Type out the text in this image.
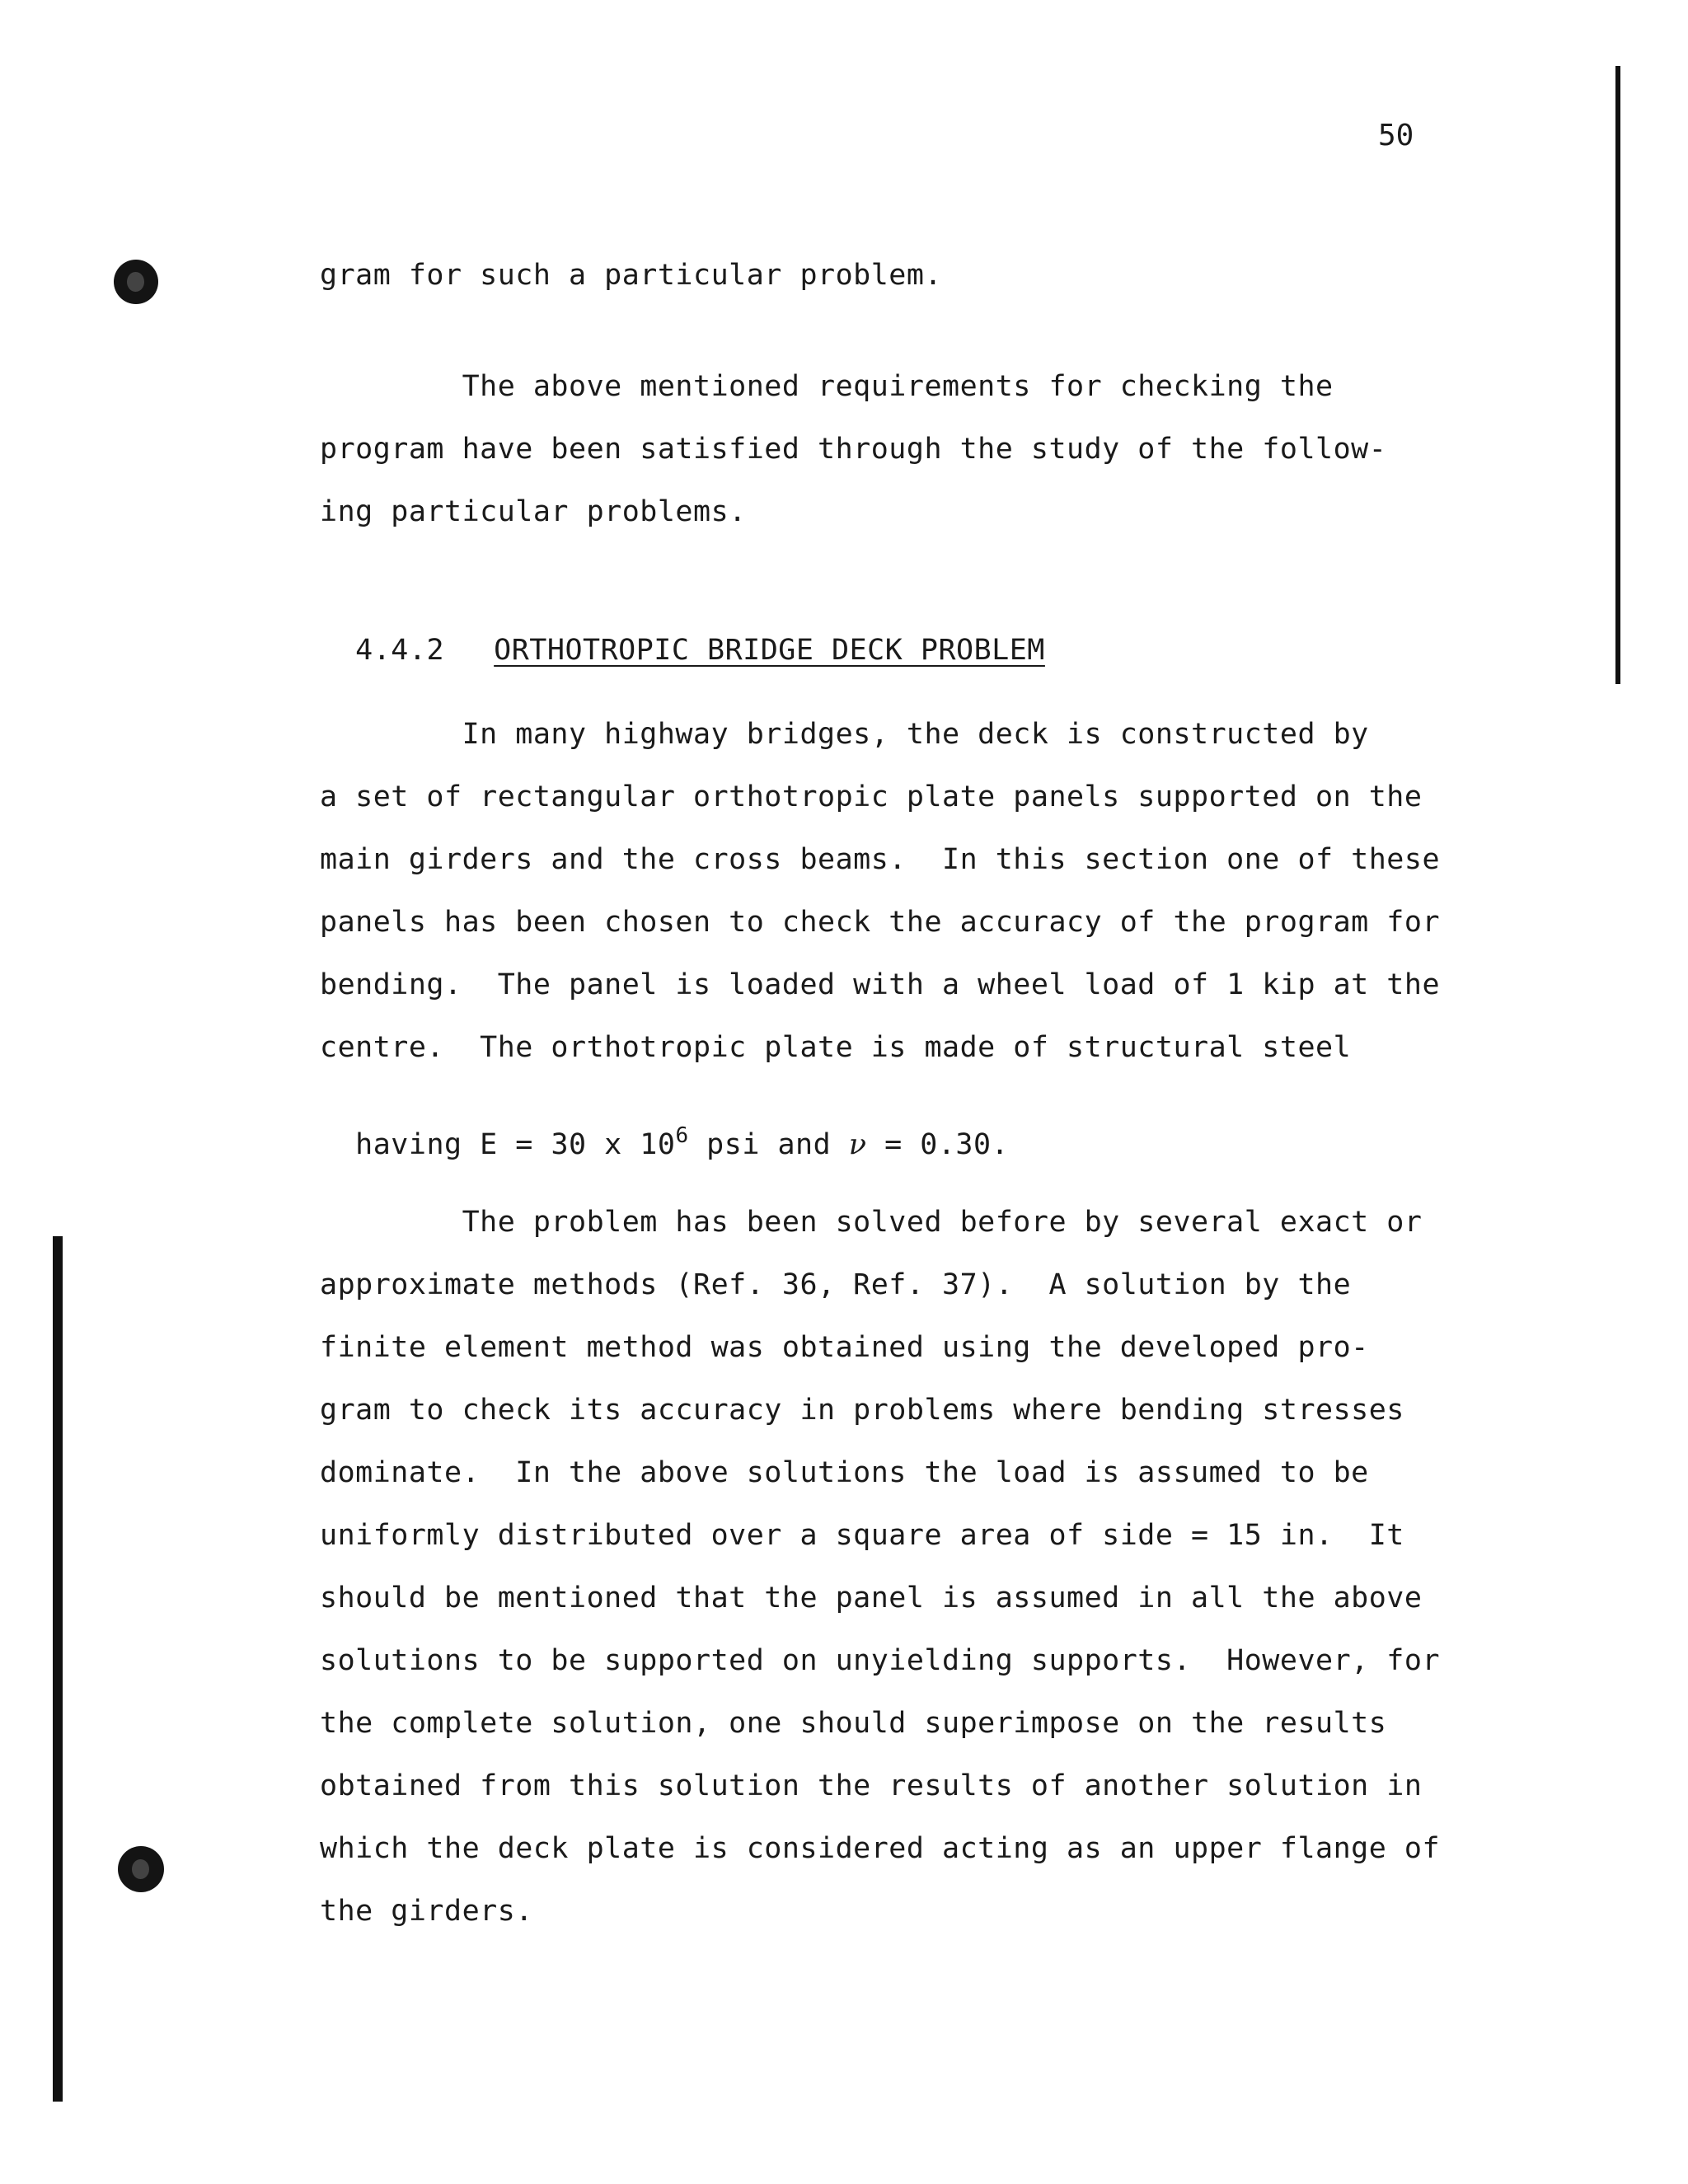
50

gram for such a particular problem.

The above mentioned requirements for checking the

program have been satisfied through the study of the follow-

ing particular problems.

4.4.2 ORTHOTROPIC BRIDGE DECK PROBLEM

In many highway bridges, the deck is constructed by

a set of rectangular orthotropic plate panels supported on the

main girders and the cross beams.  In this section one of these

panels has been chosen to check the accuracy of the program for

bending.  The panel is loaded with a wheel load of 1 kip at the

centre.  The orthotropic plate is made of structural steel

having E = 30 x $10^6$ psi and ν = 0.30.

The problem has been solved before by several exact or

approximate methods (Ref. 36, Ref. 37).  A solution by the

finite element method was obtained using the developed pro-

gram to check its accuracy in problems where bending stresses

dominate.  In the above solutions the load is assumed to be

uniformly distributed over a square area of side = 15 in.  It

should be mentioned that the panel is assumed in all the above

solutions to be supported on unyielding supports.  However, for

the complete solution, one should superimpose on the results

obtained from this solution the results of another solution in

which the deck plate is considered acting as an upper flange of

the girders.
